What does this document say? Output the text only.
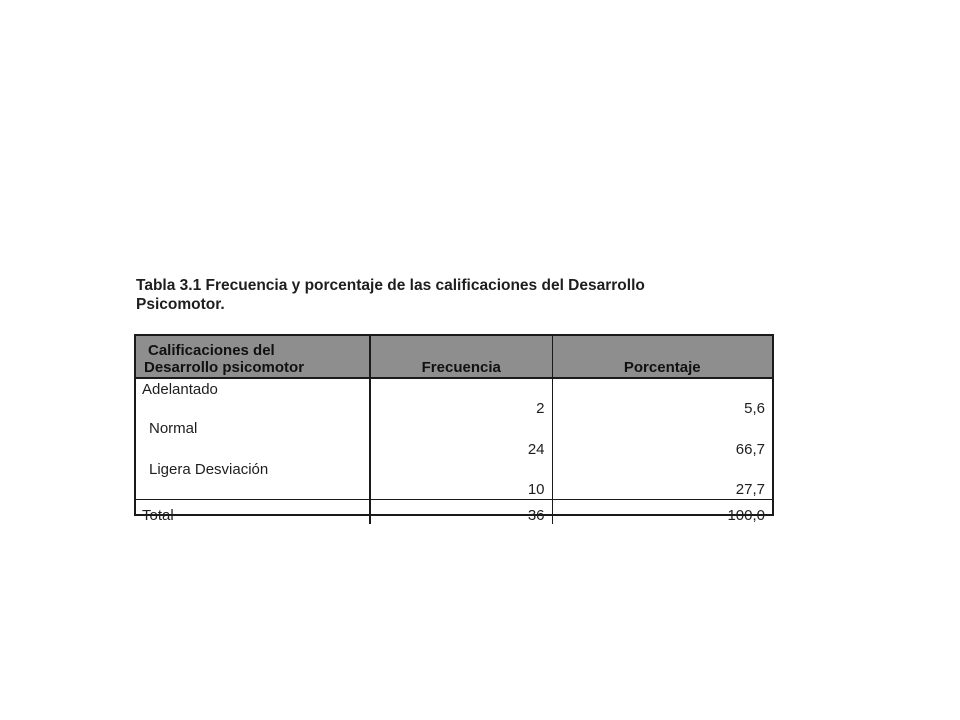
Tabla 3.1 Frecuencia y porcentaje de las calificaciones del Desarrollo
Psicomotor.
Calificaciones del
Desarrollo psicomotor	Frecuencia	Porcentaje
Adelantado	2	5,6
Normal	24	66,7
Ligera Desviación	10	27,7
Total	36	100,0
